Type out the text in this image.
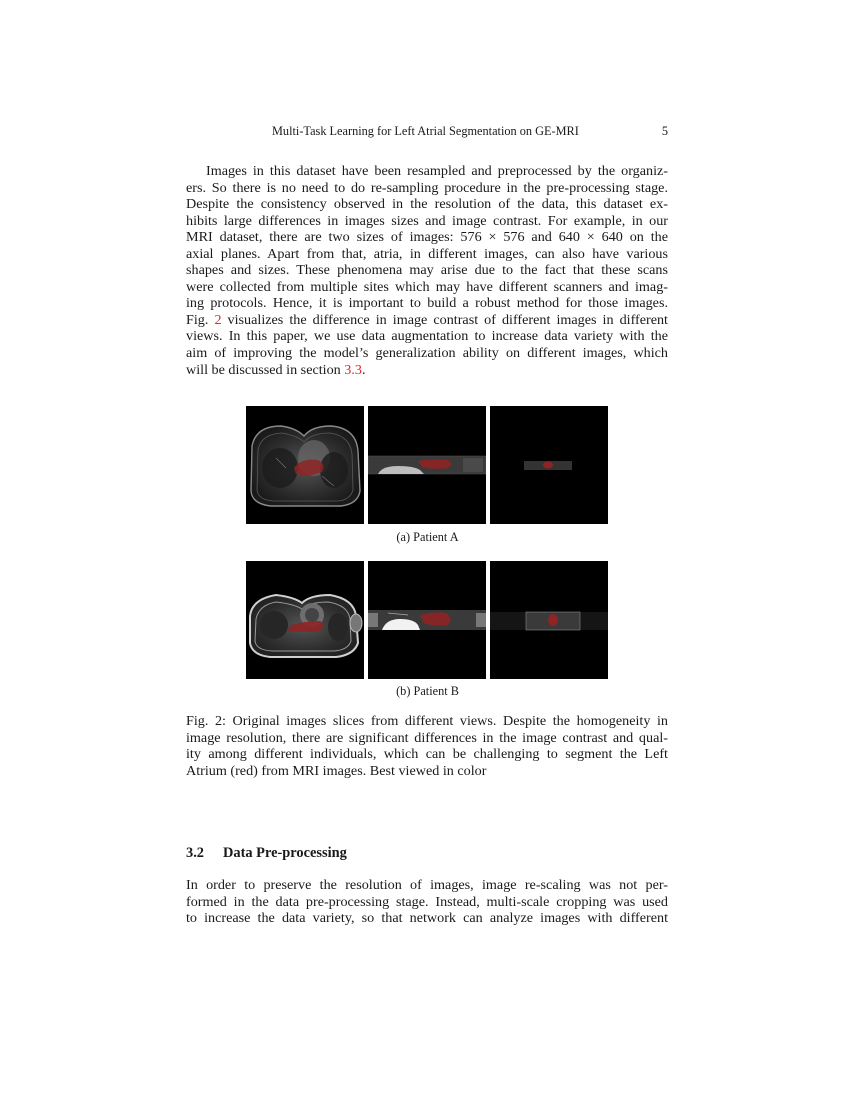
Multi-Task Learning for Left Atrial Segmentation on GE-MRI	5
Images in this dataset have been resampled and preprocessed by the organiz-
ers. So there is no need to do re-sampling procedure in the pre-processing stage.
Despite the consistency observed in the resolution of the data, this dataset ex-
hibits large differences in images sizes and image contrast. For example, in our
MRI dataset, there are two sizes of images: 576 × 576 and 640 × 640 on the
axial planes. Apart from that, atria, in different images, can also have various
shapes and sizes. These phenomena may arise due to the fact that these scans
were collected from multiple sites which may have different scanners and imag-
ing protocols. Hence, it is important to build a robust method for those images.
Fig. 2 visualizes the difference in image contrast of different images in different
views. In this paper, we use data augmentation to increase data variety with the
aim of improving the model’s generalization ability on different images, which
will be discussed in section 3.3.
(a) Patient A
(b) Patient B
Fig. 2: Original images slices from different views. Despite the homogeneity in
image resolution, there are significant differences in the image contrast and qual-
ity among different individuals, which can be challenging to segment the Left
Atrium (red) from MRI images. Best viewed in color
3.2 Data Pre-processing
In order to preserve the resolution of images, image re-scaling was not per-
formed in the data pre-processing stage. Instead, multi-scale cropping was used
to increase the data variety, so that network can analyze images with different
